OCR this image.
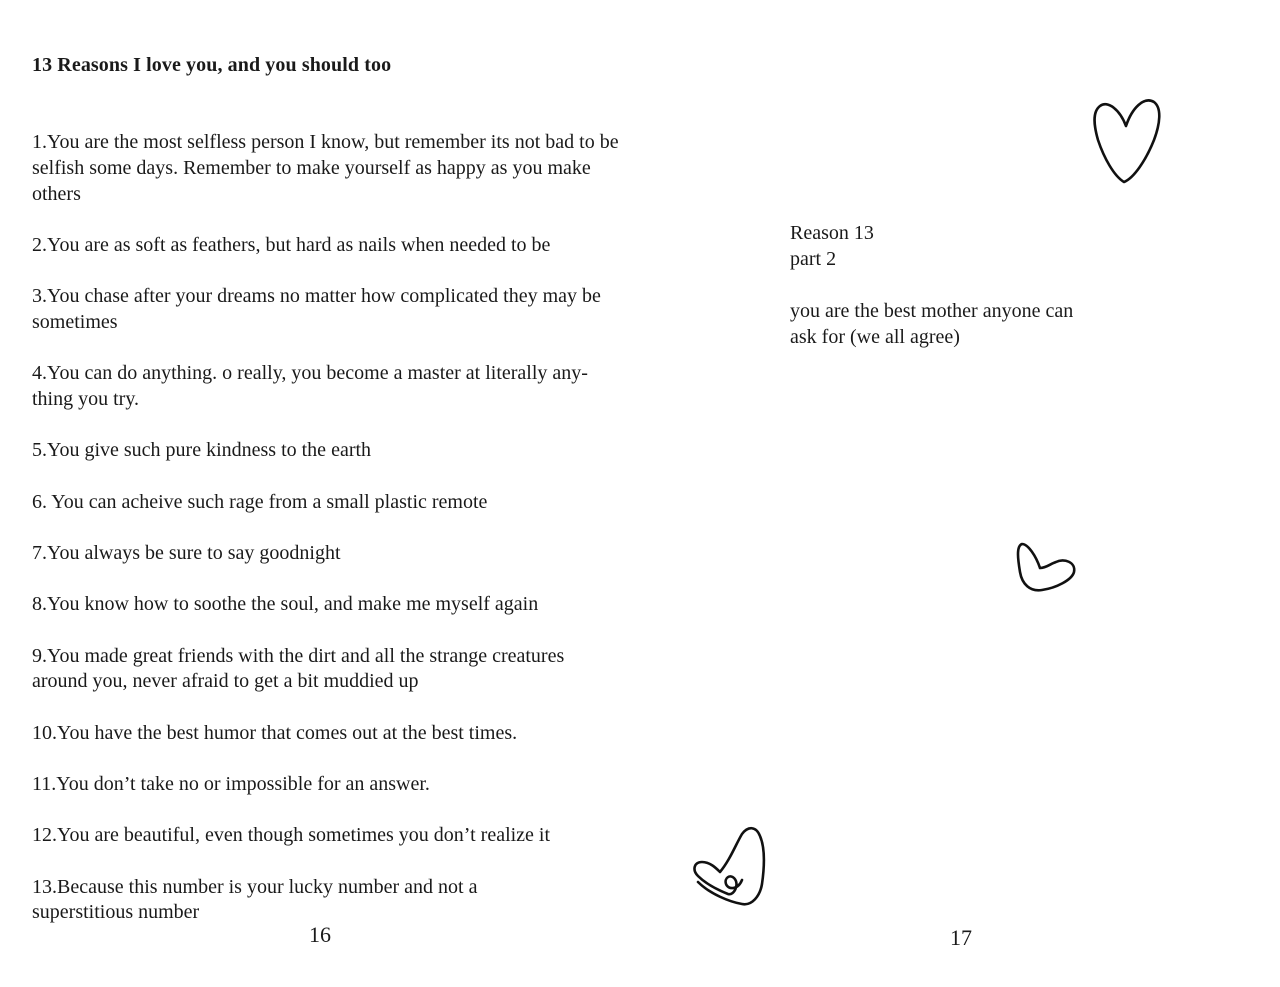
13 Reasons I love you, and you should too
1.You are the most selfless person I know, but remember its not bad to be selfish some days. Remember to make yourself as happy as you make others
2.You are as soft as feathers, but hard as nails when needed to be
3.You chase after your dreams no matter how complicated they may be sometimes
4.You can do anything. o really, you become a master at literally any-thing you try.
5.You give such pure kindness to the earth
6. You can acheive such rage from a small plastic remote
7.You always be sure to say goodnight
8.You know how to soothe the soul, and make me myself again
9.You made great friends with the dirt and all the strange creatures around you, never afraid to get a bit muddied up
10.You have the best humor that comes out at the best times.
11.You don’t take no or impossible for an answer.
12.You are beautiful, even though sometimes you don’t realize it
13.Because this number is your lucky number and not a superstitious number
16
Reason 13
part 2
you are the best mother anyone can
ask for (we all agree)
17
